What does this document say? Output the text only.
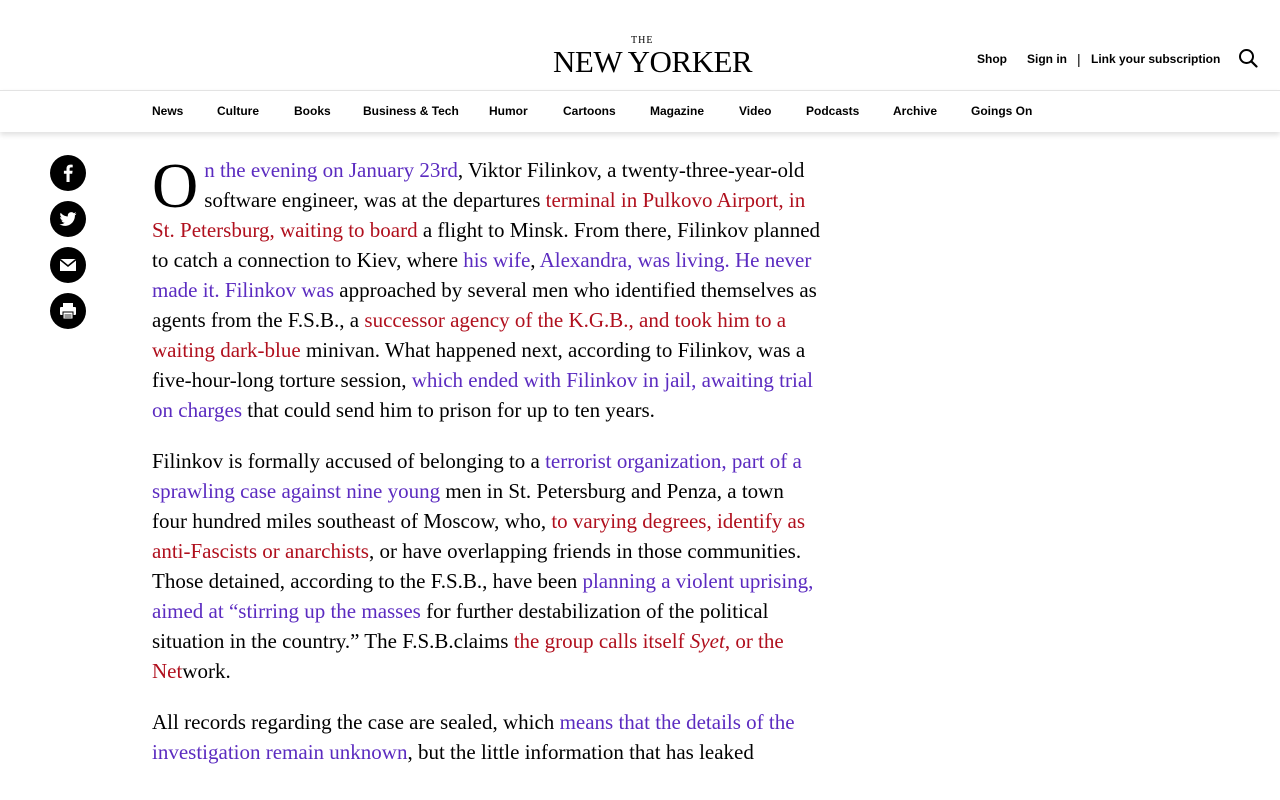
THE
NEW YORKER	Shop Sign in | Link your subscription
News	Culture	Books	Business & Tech	Humor	Cartoons	Magazine	Video	Podcasts	Archive	Goings On

On the evening on January 23rd, Viktor Filinkov, a twenty-three-year-old software engineer, was at the departures terminal in Pulkovo Airport, in St. Petersburg, waiting to board a flight to Minsk. From there, Filinkov planned to catch a connection to Kiev, where his wife, Alexandra, was living. He never made it. Filinkov was approached by several men who identified themselves as agents from the F.S.B., a successor agency of the K.G.B., and took him to a waiting dark-blue minivan. What happened next, according to Filinkov, was a five-hour-long torture session, which ended with Filinkov in jail, awaiting trial on charges that could send him to prison for up to ten years.

Filinkov is formally accused of belonging to a terrorist organization, part of a sprawling case against nine young men in St. Petersburg and Penza, a town four hundred miles southeast of Moscow, who, to varying degrees, identify as anti-Fascists or anarchists, or have overlapping friends in those communities. Those detained, according to the F.S.B., have been planning a violent uprising, aimed at “stirring up the masses for further destabilization of the political situation in the country.” The F.S.B.claims the group calls itself Syet, or the Network.

All records regarding the case are sealed, which means that the details of the investigation remain unknown, but the little information that has leaked
